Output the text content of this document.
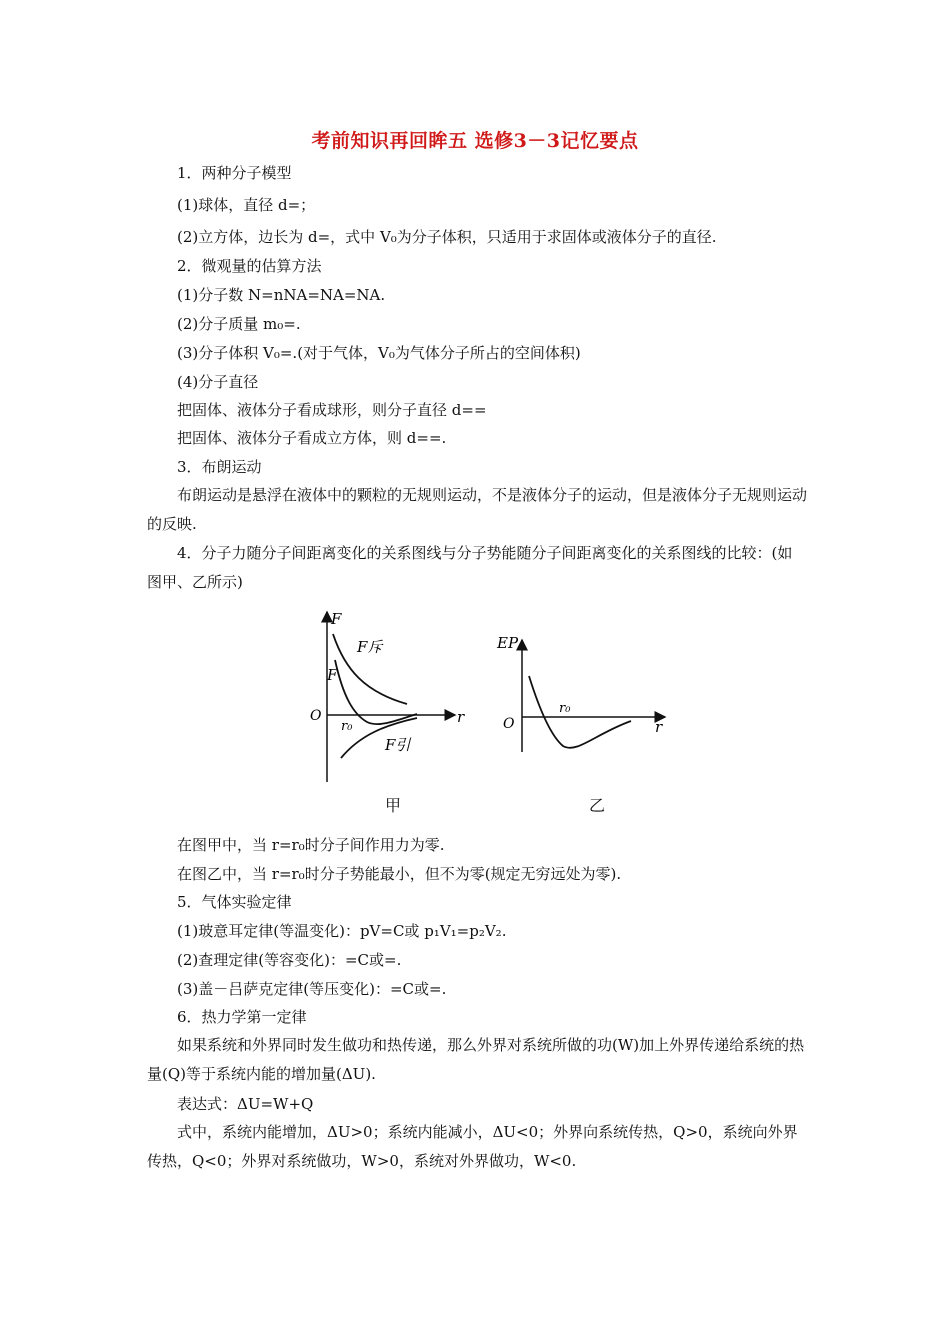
考前知识再回眸五 选修3－3记忆要点
1．两种分子模型
(1)球体，直径 d=；
(2)立方体，边长为 d=，式中 V₀为分子体积，只适用于求固体或液体分子的直径.
2．微观量的估算方法
(1)分子数 N=nNA=NA=NA.
(2)分子质量 m₀=.
(3)分子体积 V₀=.(对于气体，V₀为气体分子所占的空间体积)
(4)分子直径
把固体、液体分子看成球形，则分子直径 d==
把固体、液体分子看成立方体，则 d==.
3．布朗运动
布朗运动是悬浮在液体中的颗粒的无规则运动，不是液体分子的运动，但是液体分子无规则运动的反映.
4．分子力随分子间距离变化的关系图线与分子势能随分子间距离变化的关系图线的比较：(如图甲、乙所示)
F
F
F斥
F引
O
r₀
r
甲
EP
O
r₀
r
乙
在图甲中，当 r=r₀时分子间作用力为零.
在图乙中，当 r=r₀时分子势能最小，但不为零(规定无穷远处为零).
5．气体实验定律
(1)玻意耳定律(等温变化)：pV=C或 p₁V₁=p₂V₂.
(2)查理定律(等容变化)：=C或=.
(3)盖－吕萨克定律(等压变化)：=C或=.
6．热力学第一定律
如果系统和外界同时发生做功和热传递，那么外界对系统所做的功(W)加上外界传递给系统的热量(Q)等于系统内能的增加量(ΔU).
表达式：ΔU=W+Q
式中，系统内能增加，ΔU>0；系统内能减小，ΔU<0；外界向系统传热，Q>0，系统向外界传热，Q<0；外界对系统做功，W>0，系统对外界做功，W<0.
